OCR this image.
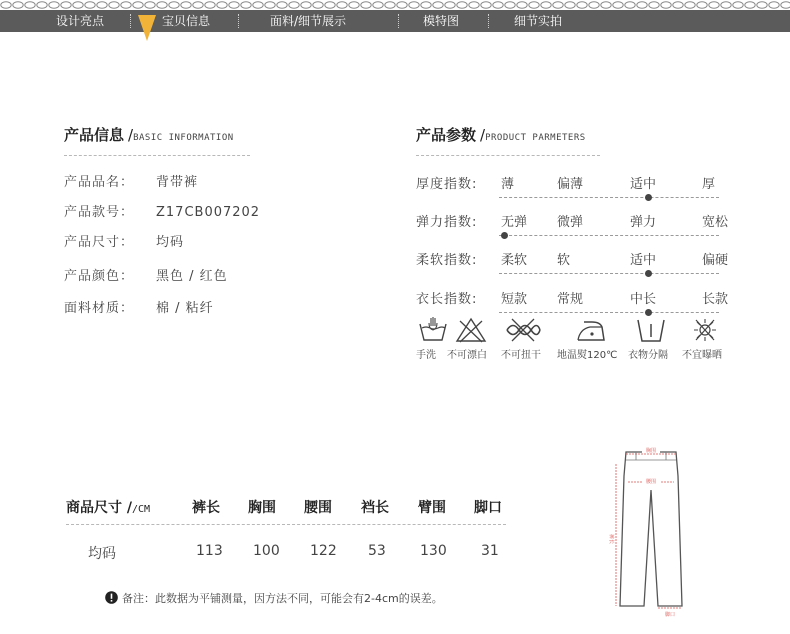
设计亮点	宝贝信息	面料/细节展示	模特图	细节实拍
产品信息 /BASIC INFORMATION
产品品名： 背带裤
产品款号： Z17CB007202
产品尺寸： 均码
产品颜色： 黑色 / 红色
面料材质： 棉 / 粘纤
产品参数 /PRODUCT PARMETERS
厚度指数: 薄	偏薄	适中	厚
弹力指数: 无弹 微弹	弹力	宽松
柔软指数: 柔软 软	适中	偏硬
衣长指数: 短款 常规	中长	长款
手洗 不可漂白 不可扭干 地温熨120℃ 衣物分隔 不宜曝晒
商品尺寸 //CM	裤长 胸围 腰围 裆长 臂围 脚口
均码	113 100 122 53 130 31
备注：此数据为平铺测量，因方法不同，可能会有2-4cm的误差。
胸围
腰围
裤长
脚口
